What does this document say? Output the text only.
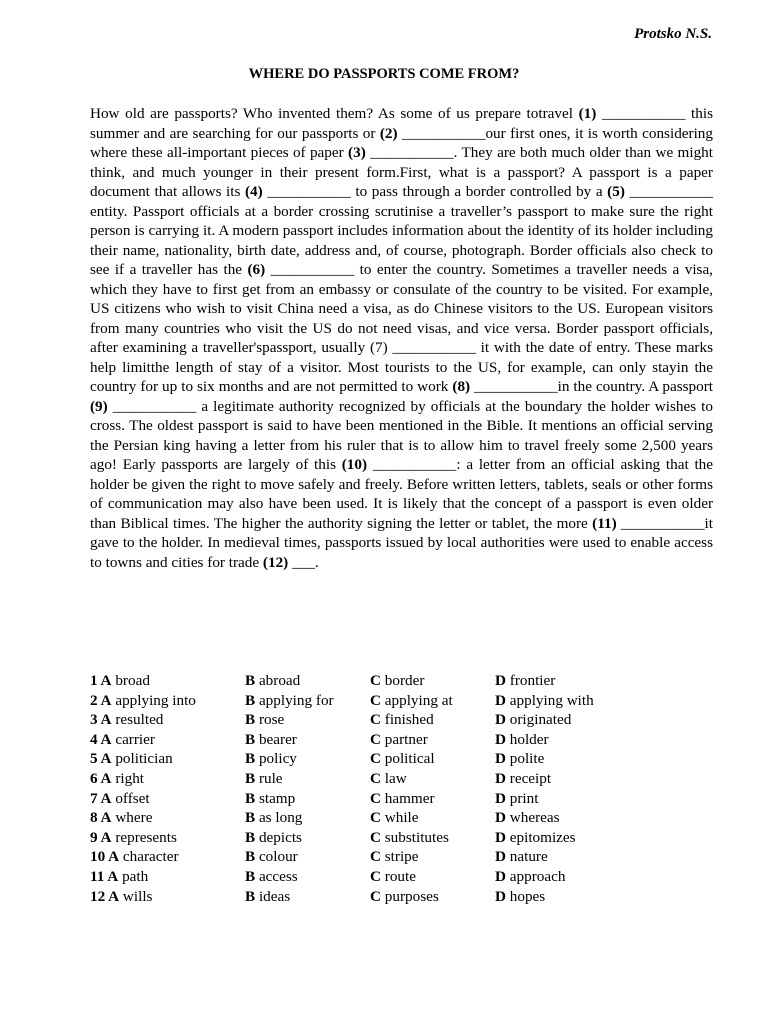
Protsko N.S.
WHERE DO PASSPORTS COME FROM?
How old are passports? Who invented them? As some of us prepare totravel (1) ___________ this summer and are searching for our passports or (2) ___________our first ones, it is worth considering where these all-important pieces of paper (3) ___________. They are both much older than we might think, and much younger in their present form.First, what is a passport? A passport is a paper document that allows its (4) ___________ to pass through a border controlled by a (5) ___________ entity. Passport officials at a border crossing scrutinise a traveller’s passport to make sure the right person is carrying it. A modern passport includes information about the identity of its holder including their name, nationality, birth date, address and, of course, photograph. Border officials also check to see if a traveller has the (6) ___________ to enter the country. Sometimes a traveller needs a visa, which they have to first get from an embassy or consulate of the country to be visited. For example, US citizens who wish to visit China need a visa, as do Chinese visitors to the US. European visitors from many countries who visit the US do not need visas, and vice versa. Border passport officials, after examining a traveller'spassport, usually (7) ___________ it with the date of entry. These marks help limitthe length of stay of a visitor. Most tourists to the US, for example, can only stayin the country for up to six months and are not permitted to work (8) ___________in the country. A passport (9) ___________ a legitimate authority recognized by officials at the boundary the holder wishes to cross. The oldest passport is said to have been mentioned in the Bible. It mentions an official serving the Persian king having a letter from his ruler that is to allow him to travel freely some 2,500 years ago! Early passports are largely of this (10) ___________: a letter from an official asking that the holder be given the right to move safely and freely. Before written letters, tablets, seals or other forms of communication may also have been used. It is likely that the concept of a passport is even older than Biblical times. The higher the authority signing the letter or tablet, the more (11) ___________it gave to the holder. In medieval times, passports issued by local authorities were used to enable access to towns and cities for trade (12) ___.
1 A broad	B abroad	C border	D frontier
2 A applying into	B applying for C applying at	D applying with
3 A resulted	B rose	C finished	D originated
4 A carrier	B bearer	C partner	D holder
5 A politician	B policy	C political	D polite
6 A right	B rule	C law	D receipt
7 A offset	B stamp	C hammer	D print
8 A where	B as long	C while	D whereas
9 A represents	B depicts	C substitutes	D epitomizes
10 A character	B colour	C stripe	D nature
11 A path	B access	C route	D approach
12 A wills	B ideas	C purposes	D hopes
